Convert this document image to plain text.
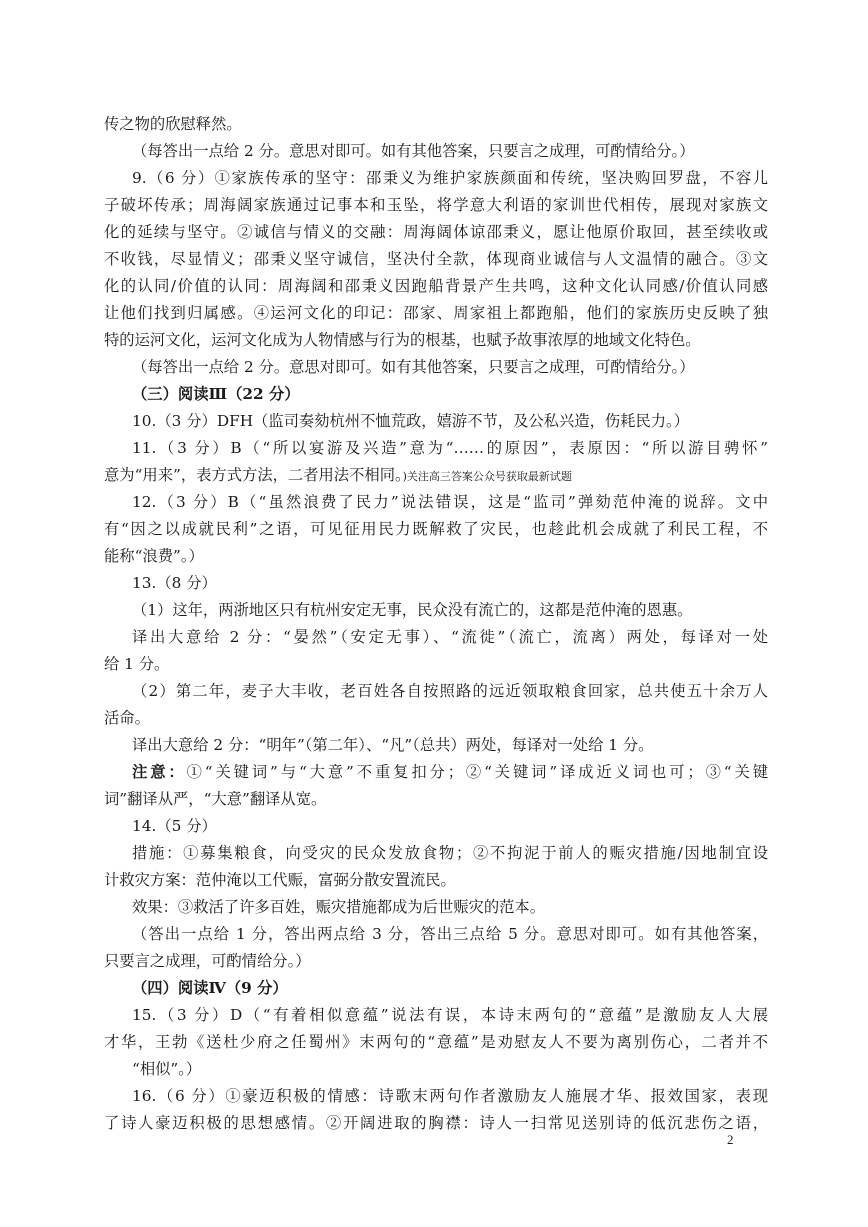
传之物的欣慰释然。
（每答出一点给 2 分。意思对即可。如有其他答案，只要言之成理，可酌情给分。）
9.（6 分）①家族传承的坚守：邵秉义为维护家族颜面和传统，坚决购回罗盘，不容儿
子破坏传承；周海阔家族通过记事本和玉坠，将学意大利语的家训世代相传，展现对家族文
化的延续与坚守。②诚信与情义的交融：周海阔体谅邵秉义，愿让他原价取回，甚至续收或
不收钱，尽显情义；邵秉义坚守诚信，坚决付全款，体现商业诚信与人文温情的融合。③文
化的认同/价值的认同：周海阔和邵秉义因跑船背景产生共鸣，这种文化认同感/价值认同感
让他们找到归属感。④运河文化的印记：邵家、周家祖上都跑船，他们的家族历史反映了独
特的运河文化，运河文化成为人物情感与行为的根基，也赋予故事浓厚的地域文化特色。
（每答出一点给 2 分。意思对即可。如有其他答案，只要言之成理，可酌情给分。）
（三）阅读Ⅲ（22 分）
10.（3 分）DFH（监司奏劾杭州不恤荒政，嬉游不节，及公私兴造，伤耗民力。）
11.（3 分）B（“所以宴游及兴造”意为“……的原因”，表原因：“所以游目骋怀”
意为“用来”，表方式方法，二者用法不相同。)关注高三答案公众号获取最新试题
12.（3 分）B（“虽然浪费了民力”说法错误，这是“监司”弹劾范仲淹的说辞。文中
有“因之以成就民利”之语，可见征用民力既解救了灾民，也趁此机会成就了利民工程，不
能称“浪费”。）
13.（8 分）
（1）这年，两浙地区只有杭州安定无事，民众没有流亡的，这都是范仲淹的恩惠。
译出大意给 2 分：“晏然”（安定无事）、“流徙”（流亡，流离）两处，每译对一处
给 1 分。
（2）第二年，麦子大丰收，老百姓各自按照路的远近领取粮食回家，总共使五十余万人
活命。
译出大意给 2 分：“明年”（第二年）、“凡”（总共）两处，每译对一处给 1 分。
注意：①“关键词”与“大意”不重复扣分；②“关键词”译成近义词也可；③“关键
词”翻译从严，“大意”翻译从宽。
14.（5 分）
措施：①募集粮食，向受灾的民众发放食物；②不拘泥于前人的赈灾措施/因地制宜设
计救灾方案：范仲淹以工代赈，富弼分散安置流民。
效果：③救活了许多百姓，赈灾措施都成为后世赈灾的范本。
（答出一点给 1 分，答出两点给 3 分，答出三点给 5 分。意思对即可。如有其他答案，
只要言之成理，可酌情给分。）
（四）阅读Ⅳ（9 分）
15.（3 分）D（“有着相似意蕴”说法有误，本诗末两句的“意蕴”是激励友人大展
才华，王勃《送杜少府之任蜀州》末两句的“意蕴”是劝慰友人不要为离别伤心，二者并不
“相似”。）
16.（6 分）①豪迈积极的情感：诗歌末两句作者激励友人施展才华、报效国家，表现
了诗人豪迈积极的思想感情。②开阔进取的胸襟：诗人一扫常见送别诗的低沉悲伤之语，
2
